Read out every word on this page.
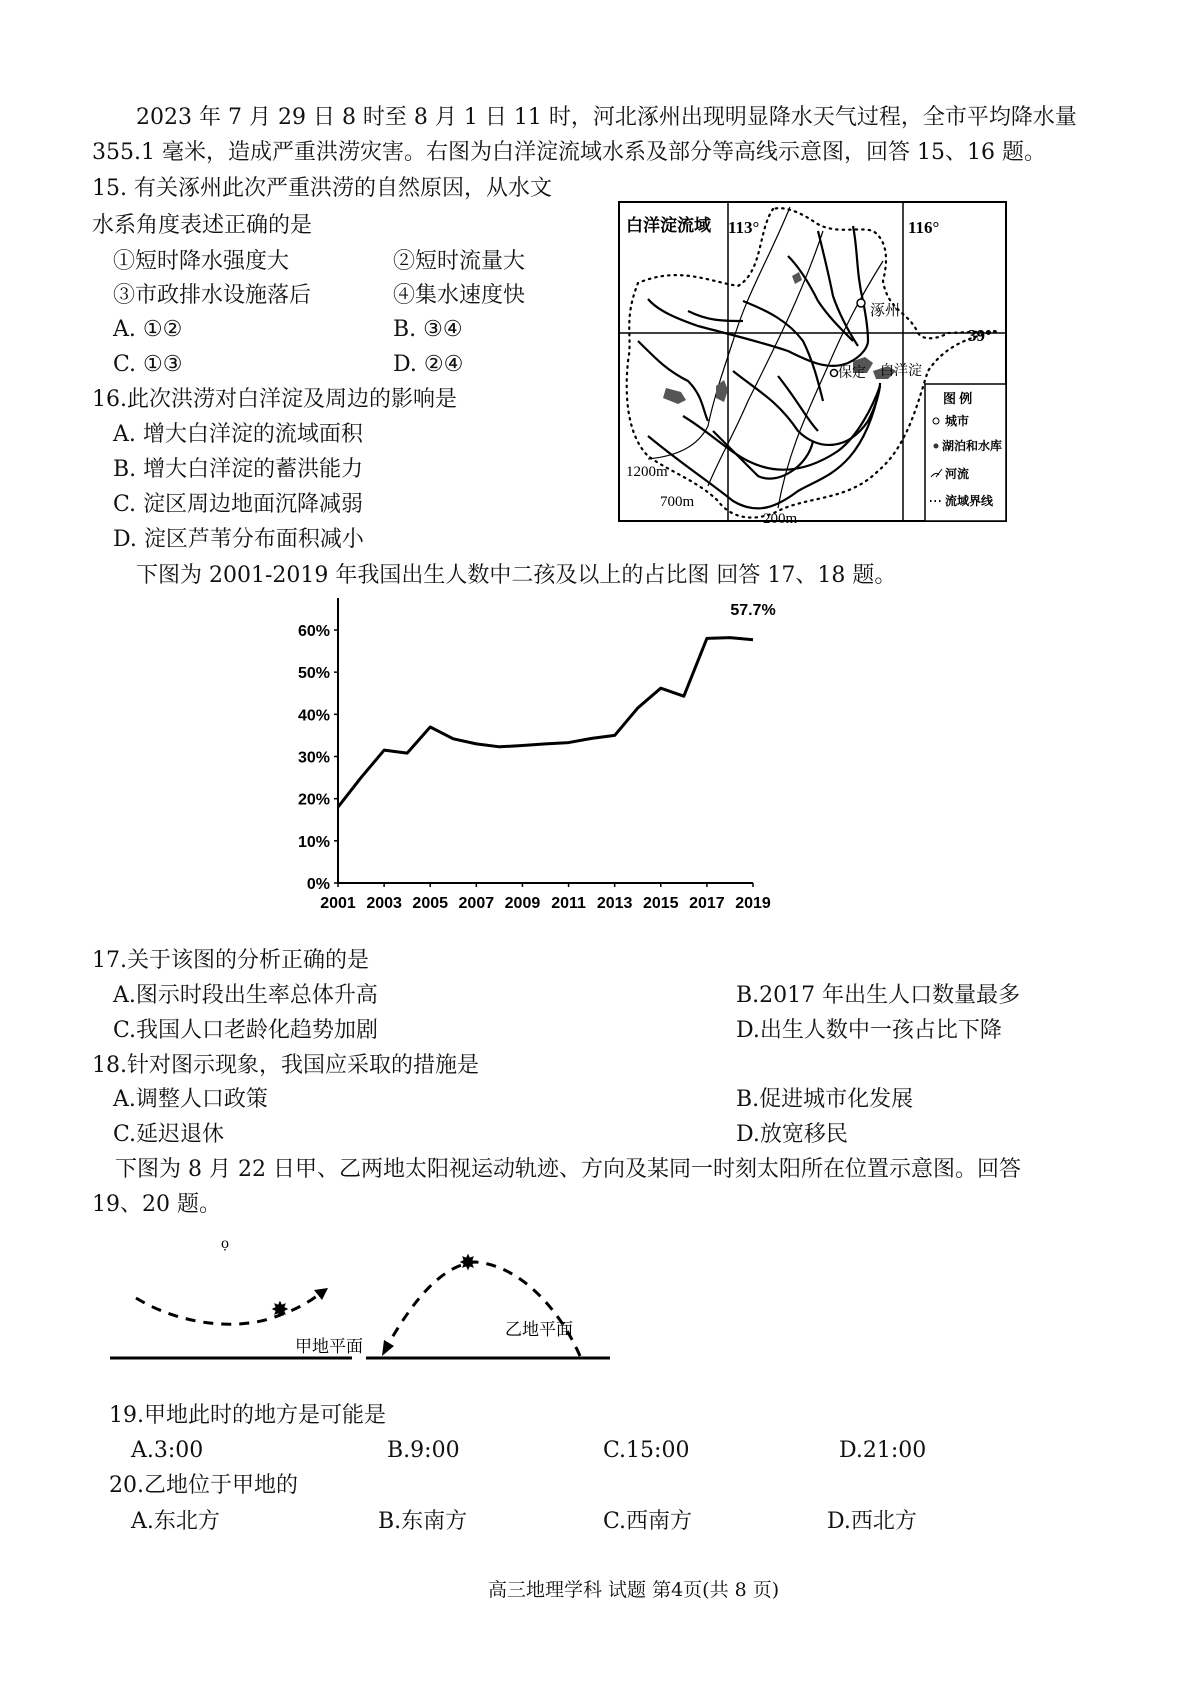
2023 年 7 月 29 日 8 时至 8 月 1 日 11 时，河北涿州出现明显降水天气过程，全市平均降水量
355.1 毫米，造成严重洪涝灾害。右图为白洋淀流域水系及部分等高线示意图，回答 15、16 题。
15. 有关涿州此次严重洪涝的自然原因，从水文
水系角度表述正确的是
①短时降水强度大	②短时流量大
③市政排水设施落后	④集水速度快
A. ①②	B. ③④
C. ①③	D. ②④
16.此次洪涝对白洋淀及周边的影响是
A. 增大白洋淀的流域面积
B. 增大白洋淀的蓄洪能力
C. 淀区周边地面沉降减弱
D. 淀区芦苇分布面积减小
白洋淀流域 113°	116°
39°
涿州
保定 白洋淀
1200m
700m
200m
图 例
城市
湖泊和水库
河流
流域界线
下图为 2001-2019 年我国出生人数中二孩及以上的占比图 回答 17、18 题。
0%
10%
20%
30%
40%
50%
60%
2001 2003 2005 2007 2009 2011 2013 2015 2017 2019
57.7%
17.关于该图的分析正确的是
A.图示时段出生率总体升高	B.2017 年出生人口数量最多
C.我国人口老龄化趋势加剧	D.出生人数中一孩占比下降
18.针对图示现象，我国应采取的措施是
A.调整人口政策	B.促进城市化发展
C.延迟退休	D.放宽移民
下图为 8 月 22 日甲、乙两地太阳视运动轨迹、方向及某同一时刻太阳所在位置示意图。回答
19、20 题。
✸
ọ
✸
甲地平面
乙地平面
19.甲地此时的地方是可能是
A.3:00	B.9:00	C.15:00	D.21:00
20.乙地位于甲地的
A.东北方	B.东南方	C.西南方	D.西北方
高三地理学科 试题 第4页(共 8 页)
